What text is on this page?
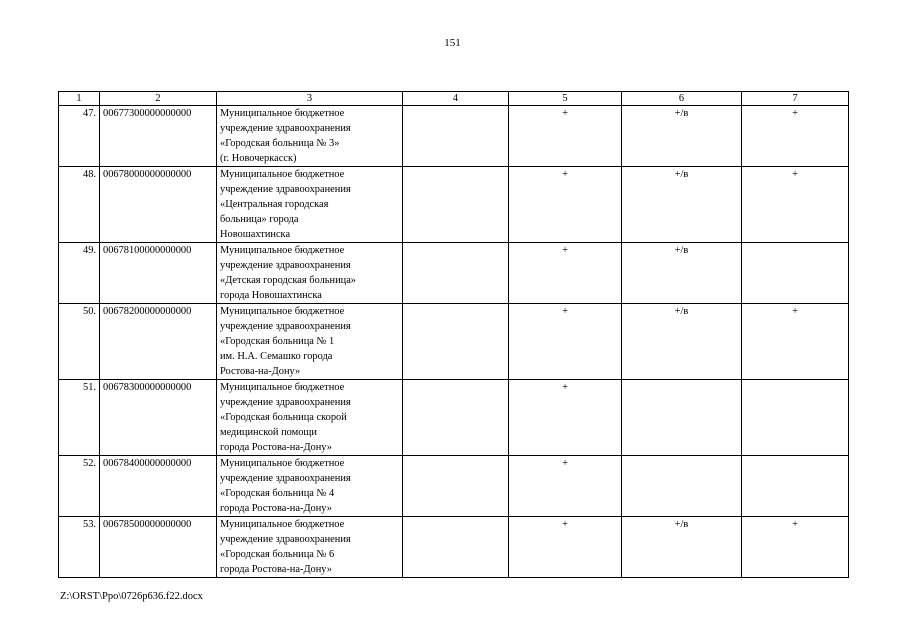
151
1	2	3	4	5	6	7
47.	00677300000000000	Муниципальное бюджетное
учреждение здравоохранения
«Городская больница № 3»
(г. Новочеркасск)		+	+/в	+
48.	00678000000000000	Муниципальное бюджетное
учреждение здравоохранения
«Центральная городская
больница» города
Новошахтинска		+	+/в	+
49.	00678100000000000	Муниципальное бюджетное
учреждение здравоохранения
«Детская городская больница»
города Новошахтинска		+	+/в	
50.	00678200000000000	Муниципальное бюджетное
учреждение здравоохранения
«Городская больница № 1
им. Н.А. Семашко города
Ростова-на-Дону»		+	+/в	+
51.	00678300000000000	Муниципальное бюджетное
учреждение здравоохранения
«Городская больница скорой
медицинской помощи
города Ростова-на-Дону»		+		
52.	00678400000000000	Муниципальное бюджетное
учреждение здравоохранения
«Городская больница № 4
города Ростова-на-Дону»		+		
53.	00678500000000000	Муниципальное бюджетное
учреждение здравоохранения
«Городская больница № 6
города Ростова-на-Дону»		+	+/в	+
Z:\ORST\Ppo\0726p636.f22.docx
